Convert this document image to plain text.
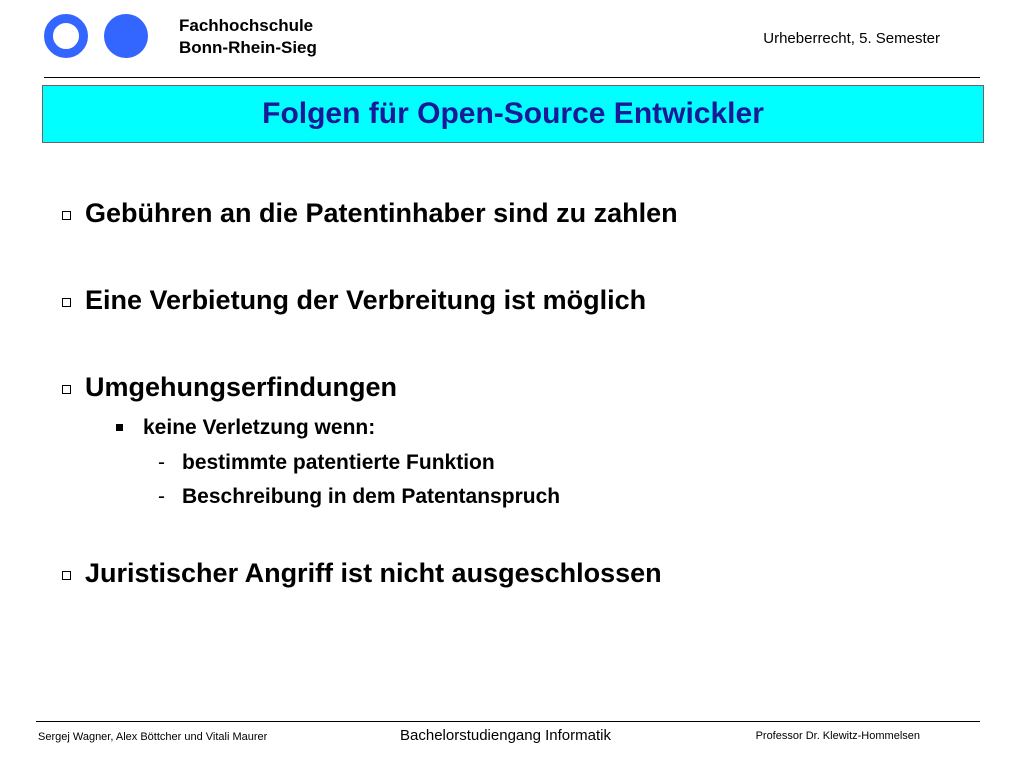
Fachhochschule
Bonn-Rhein-Sieg	Urheberrecht, 5. Semester
Folgen für Open-Source Entwickler
Gebühren an die Patentinhaber sind zu zahlen
Eine Verbietung der Verbreitung ist möglich
Umgehungserfindungen
keine Verletzung wenn:
- bestimmte patentierte Funktion
- Beschreibung in dem Patentanspruch
Juristischer Angriff ist nicht ausgeschlossen
Sergej Wagner, Alex Böttcher und Vitali Maurer	Bachelorstudiengang Informatik	Professor Dr. Klewitz-Hommelsen
